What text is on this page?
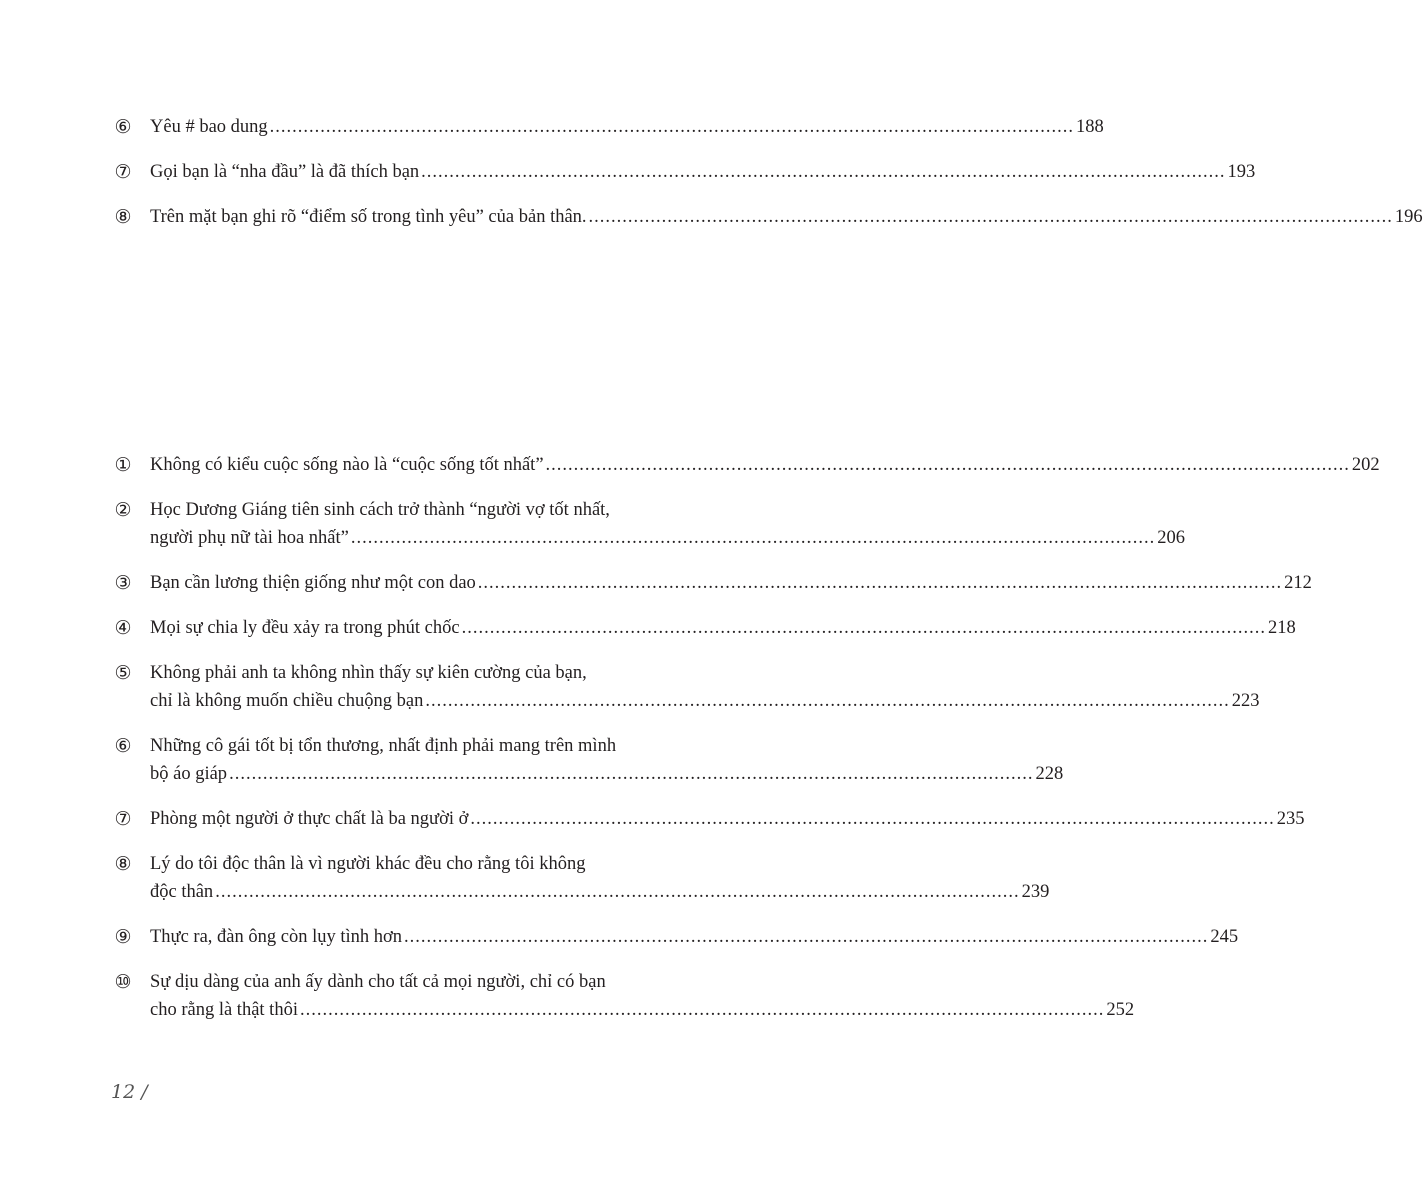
⑥ Yêu # bao dung ............................................................................................................................................... 188
⑦ Gọi bạn là “nha đầu” là đã thích bạn ............................................................................................................................................... 193
⑧ Trên mặt bạn ghi rõ “điểm số trong tình yêu” của bản thân. ............................................................................................................................................... 196
① Không có kiểu cuộc sống nào là “cuộc sống tốt nhất” ............................................................................................................................................... 202
② Học Dương Giáng tiên sinh cách trở thành “người vợ tốt nhất,
người phụ nữ tài hoa nhất” ............................................................................................................................................... 206
③ Bạn cần lương thiện giống như một con dao ............................................................................................................................................... 212
④ Mọi sự chia ly đều xảy ra trong phút chốc ............................................................................................................................................... 218
⑤ Không phải anh ta không nhìn thấy sự kiên cường của bạn,
chỉ là không muốn chiều chuộng bạn ............................................................................................................................................... 223
⑥ Những cô gái tốt bị tổn thương, nhất định phải mang trên mình
bộ áo giáp ............................................................................................................................................... 228
⑦ Phòng một người ở thực chất là ba người ở ............................................................................................................................................... 235
⑧ Lý do tôi độc thân là vì người khác đều cho rằng tôi không
độc thân ............................................................................................................................................... 239
⑨ Thực ra, đàn ông còn lụy tình hơn ............................................................................................................................................... 245
⑩ Sự dịu dàng của anh ấy dành cho tất cả mọi người, chỉ có bạn
cho rằng là thật thôi ............................................................................................................................................... 252
12 /
